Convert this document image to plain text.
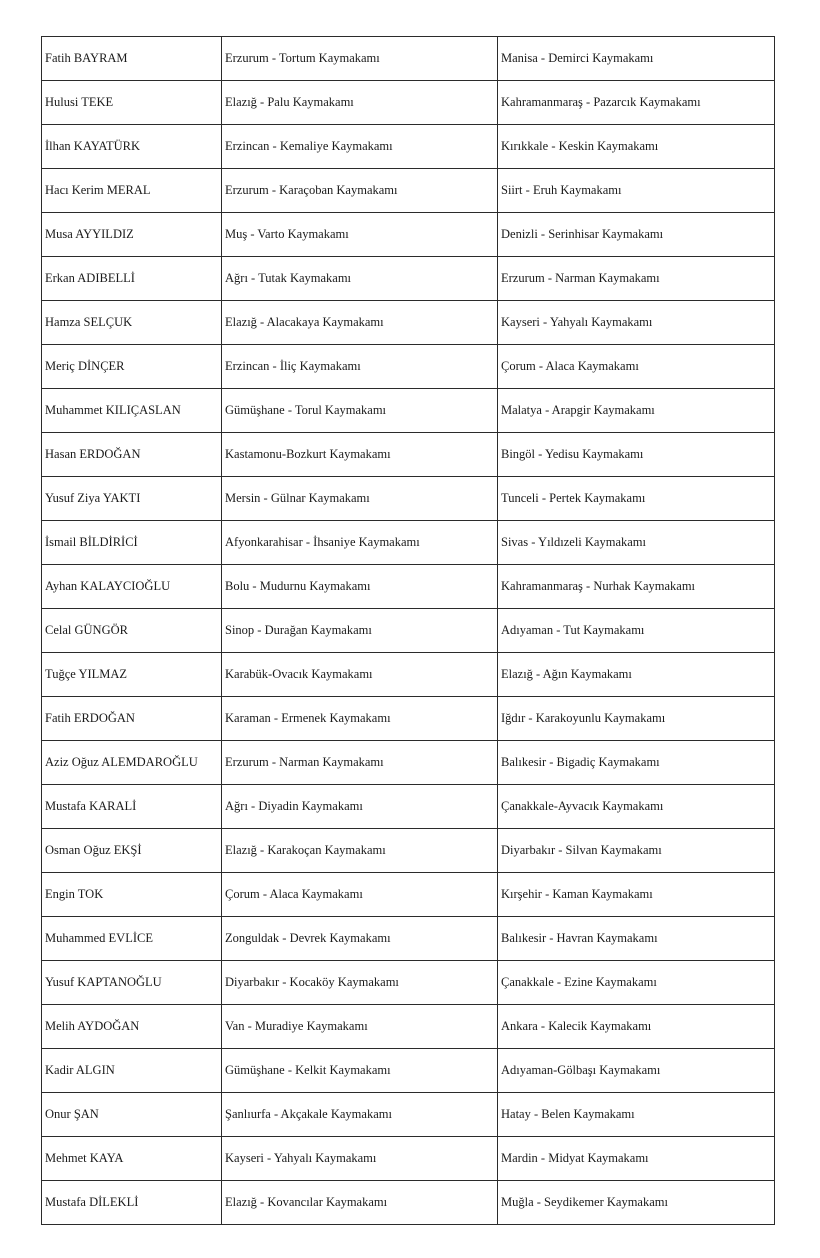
Fatih BAYRAM	Erzurum - Tortum Kaymakamı	Manisa - Demirci Kaymakamı
Hulusi TEKE	Elazığ - Palu Kaymakamı	Kahramanmaraş - Pazarcık Kaymakamı
İlhan KAYATÜRK	Erzincan - Kemaliye Kaymakamı	Kırıkkale - Keskin Kaymakamı
Hacı Kerim MERAL	Erzurum - Karaçoban Kaymakamı	Siirt - Eruh Kaymakamı
Musa AYYILDIZ	Muş - Varto Kaymakamı	Denizli - Serinhisar Kaymakamı
Erkan ADIBELLİ	Ağrı - Tutak Kaymakamı	Erzurum - Narman Kaymakamı
Hamza SELÇUK	Elazığ - Alacakaya Kaymakamı	Kayseri - Yahyalı Kaymakamı
Meriç DİNÇER	Erzincan - İliç Kaymakamı	Çorum - Alaca Kaymakamı
Muhammet KILIÇASLAN	Gümüşhane - Torul Kaymakamı	Malatya - Arapgir Kaymakamı
Hasan ERDOĞAN	Kastamonu-Bozkurt Kaymakamı	Bingöl - Yedisu Kaymakamı
Yusuf Ziya YAKTI	Mersin - Gülnar Kaymakamı	Tunceli - Pertek Kaymakamı
İsmail BİLDİRİCİ	Afyonkarahisar - İhsaniye Kaymakamı	Sivas - Yıldızeli Kaymakamı
Ayhan KALAYCIOĞLU	Bolu - Mudurnu Kaymakamı	Kahramanmaraş - Nurhak Kaymakamı
Celal GÜNGÖR	Sinop - Durağan Kaymakamı	Adıyaman - Tut Kaymakamı
Tuğçe YILMAZ	Karabük-Ovacık Kaymakamı	Elazığ - Ağın Kaymakamı
Fatih ERDOĞAN	Karaman - Ermenek Kaymakamı	Iğdır - Karakoyunlu Kaymakamı
Aziz Oğuz ALEMDAROĞLU	Erzurum - Narman Kaymakamı	Balıkesir - Bigadiç Kaymakamı
Mustafa KARALİ	Ağrı - Diyadin Kaymakamı	Çanakkale-Ayvacık Kaymakamı
Osman Oğuz EKŞİ	Elazığ - Karakoçan Kaymakamı	Diyarbakır - Silvan Kaymakamı
Engin TOK	Çorum - Alaca Kaymakamı	Kırşehir - Kaman Kaymakamı
Muhammed EVLİCE	Zonguldak - Devrek Kaymakamı	Balıkesir - Havran Kaymakamı
Yusuf KAPTANOĞLU	Diyarbakır - Kocaköy Kaymakamı	Çanakkale - Ezine Kaymakamı
Melih AYDOĞAN	Van - Muradiye Kaymakamı	Ankara - Kalecik Kaymakamı
Kadir ALGIN	Gümüşhane - Kelkit Kaymakamı	Adıyaman-Gölbaşı Kaymakamı
Onur ŞAN	Şanlıurfa - Akçakale Kaymakamı	Hatay - Belen Kaymakamı
Mehmet KAYA	Kayseri - Yahyalı Kaymakamı	Mardin - Midyat Kaymakamı
Mustafa DİLEKLİ	Elazığ - Kovancılar Kaymakamı	Muğla - Seydikemer Kaymakamı
